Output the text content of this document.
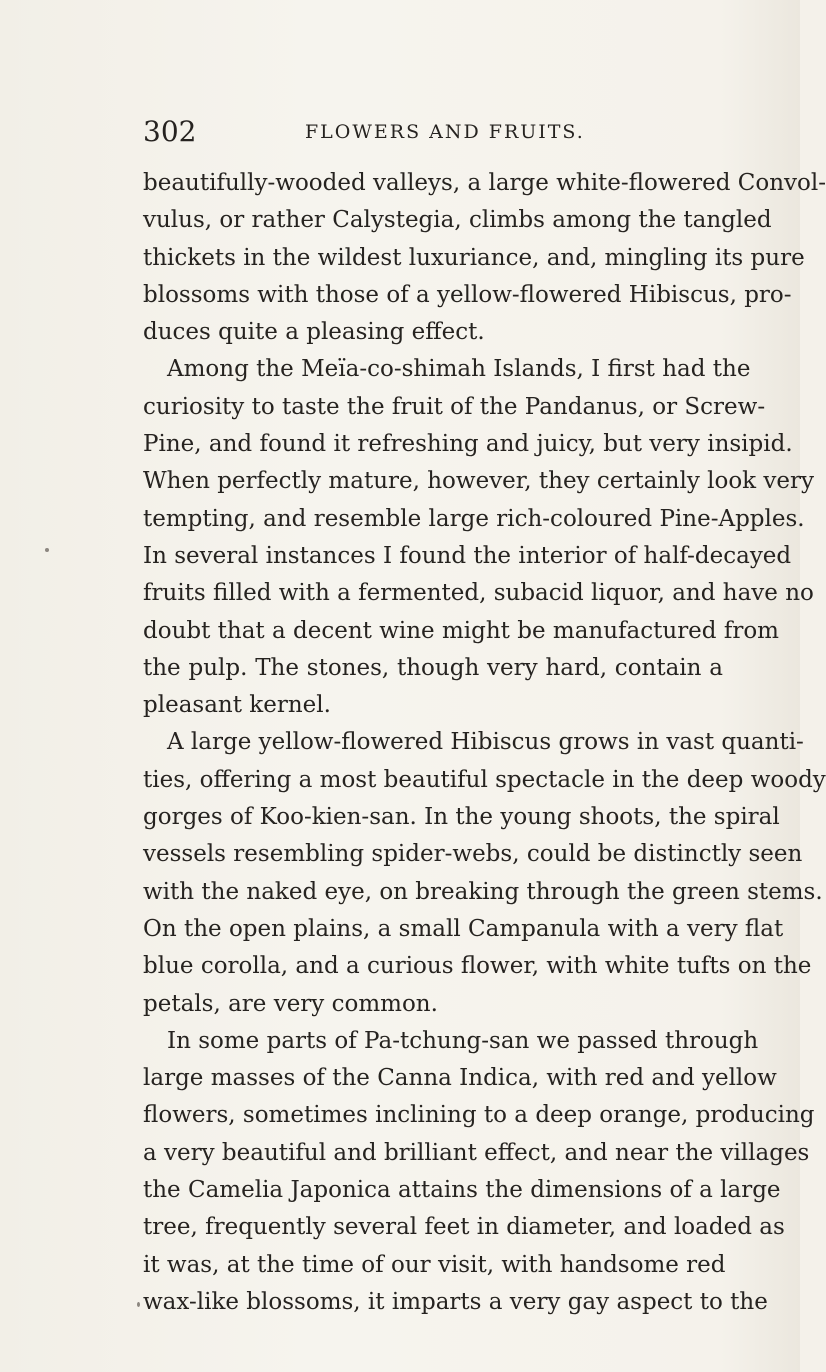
302	FLOWERS AND FRUITS.
beautifully-wooded valleys, a large white-flowered Convol-
vulus, or rather Calystegia, climbs among the tangled
thickets in the wildest luxuriance, and, mingling its pure
blossoms with those of a yellow-flowered Hibiscus, pro-
duces quite a pleasing effect.
Among the Meïa-co-shimah Islands, I first had the
curiosity to taste the fruit of the Pandanus, or Screw-
Pine, and found it refreshing and juicy, but very insipid.
When perfectly mature, however, they certainly look very
tempting, and resemble large rich-coloured Pine-Apples.
In several instances I found the interior of half-decayed
fruits filled with a fermented, subacid liquor, and have no
doubt that a decent wine might be manufactured from
the pulp. The stones, though very hard, contain a
pleasant kernel.
A large yellow-flowered Hibiscus grows in vast quanti-
ties, offering a most beautiful spectacle in the deep woody
gorges of Koo-kien-san. In the young shoots, the spiral
vessels resembling spider-webs, could be distinctly seen
with the naked eye, on breaking through the green stems.
On the open plains, a small Campanula with a very flat
blue corolla, and a curious flower, with white tufts on the
petals, are very common.
In some parts of Pa-tchung-san we passed through
large masses of the Canna Indica, with red and yellow
flowers, sometimes inclining to a deep orange, producing
a very beautiful and brilliant effect, and near the villages
the Camelia Japonica attains the dimensions of a large
tree, frequently several feet in diameter, and loaded as
it was, at the time of our visit, with handsome red
wax-like blossoms, it imparts a very gay aspect to the
